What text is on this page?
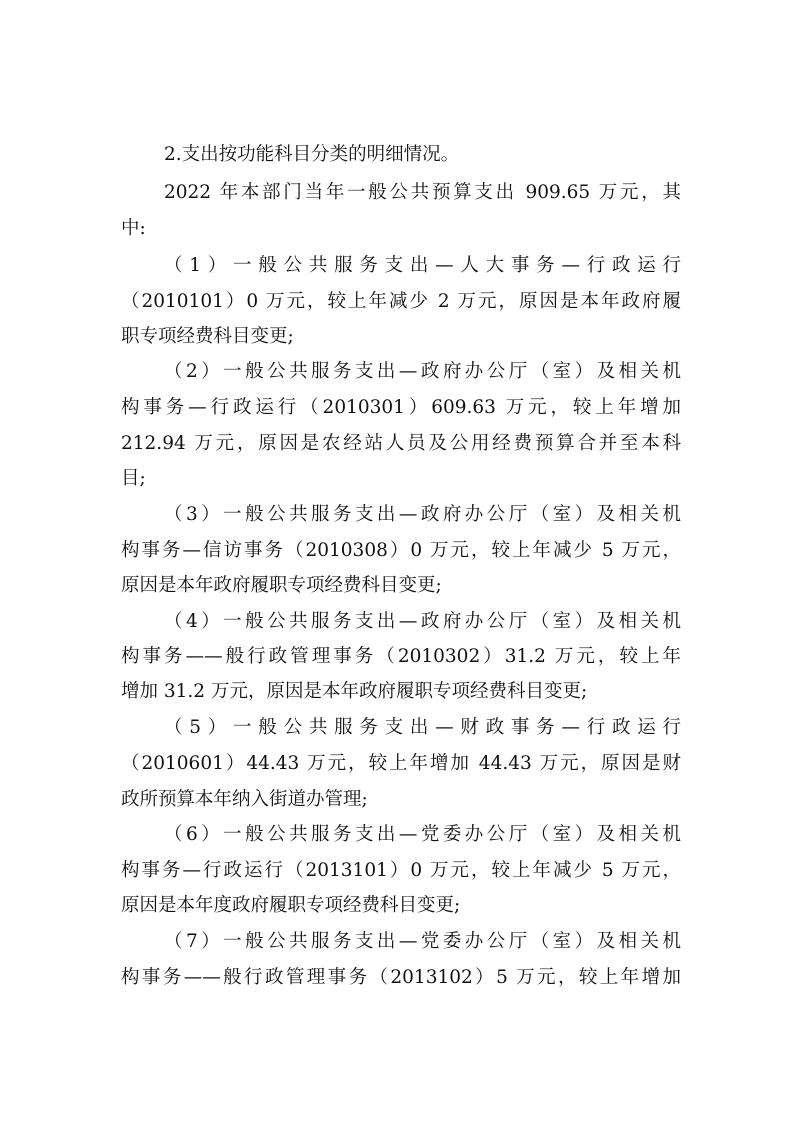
2.支出按功能科目分类的明细情况。
2022 年本部门当年一般公共预算支出 909.65 万元，其
中:
（1）一般公共服务支出—人大事务—行政运行
（2010101）0 万元，较上年减少 2 万元，原因是本年政府履
职专项经费科目变更;
（2）一般公共服务支出—政府办公厅（室）及相关机
构事务—行政运行（2010301）609.63 万元，较上年增加
212.94 万元，原因是农经站人员及公用经费预算合并至本科
目;
（3）一般公共服务支出—政府办公厅（室）及相关机
构事务—信访事务（2010308）0 万元，较上年减少 5 万元，
原因是本年政府履职专项经费科目变更;
（4）一般公共服务支出—政府办公厅（室）及相关机
构事务——般行政管理事务（2010302）31.2 万元，较上年
增加 31.2 万元，原因是本年政府履职专项经费科目变更;
（5）一般公共服务支出—财政事务—行政运行
（2010601）44.43 万元，较上年增加 44.43 万元，原因是财
政所预算本年纳入街道办管理;
（6）一般公共服务支出—党委办公厅（室）及相关机
构事务—行政运行（2013101）0 万元，较上年减少 5 万元，
原因是本年度政府履职专项经费科目变更;
（7）一般公共服务支出—党委办公厅（室）及相关机
构事务——般行政管理事务（2013102）5 万元，较上年增加
